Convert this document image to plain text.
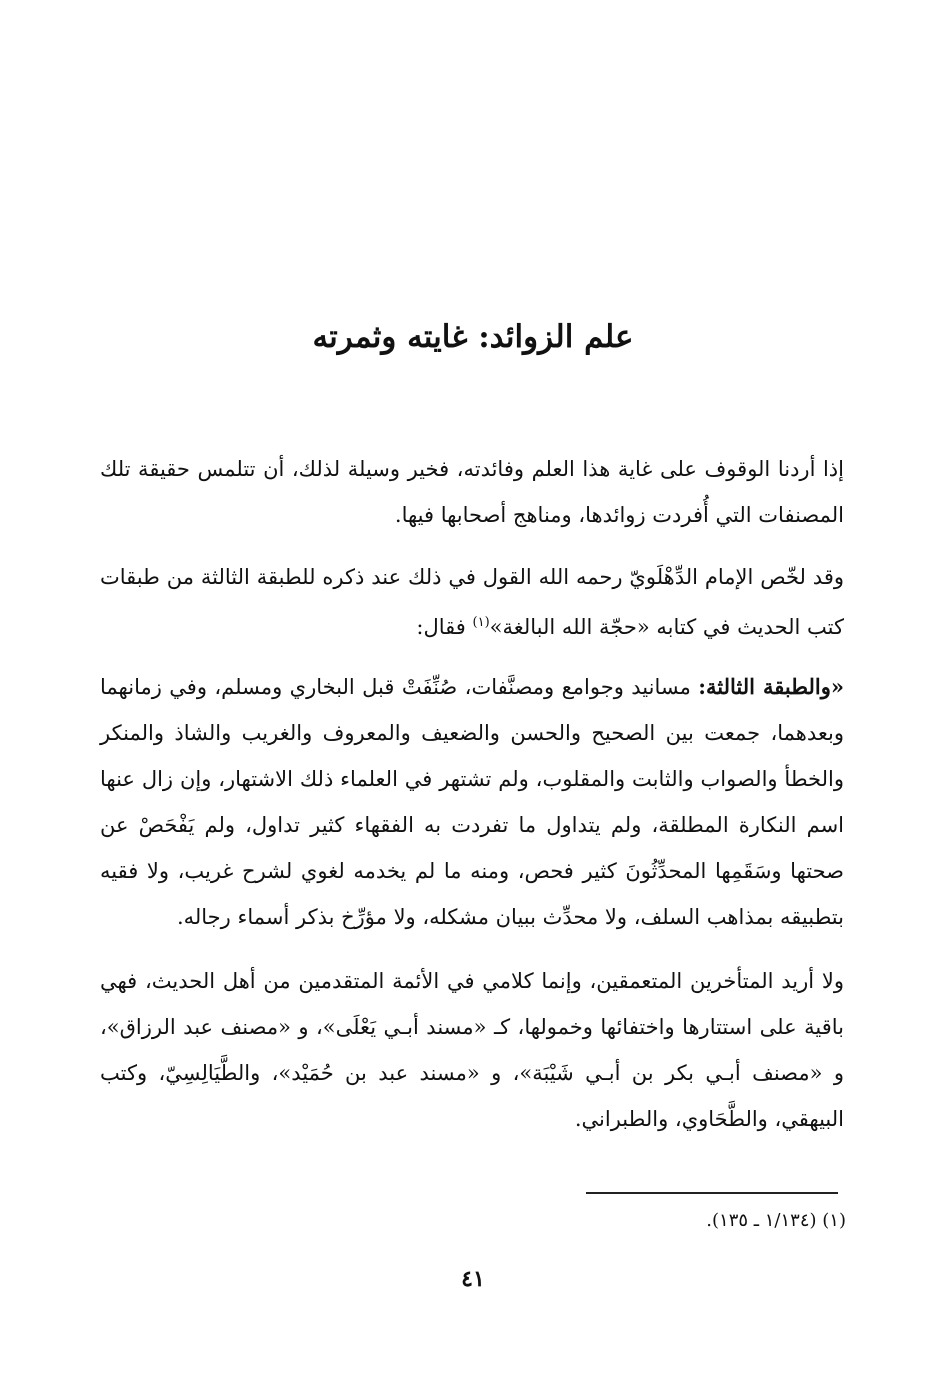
علم الزوائد: غايته وثمرته

إذا أردنا الوقوف على غاية هذا العلم وفائدته، فخير وسيلة لذلك، أن تتلمس حقيقة تلك المصنفات التي أُفردت زوائدها، ومناهج أصحابها فيها.

وقد لخّص الإمام الدِّهْلَويّ رحمه الله القول في ذلك عند ذكره للطبقة الثالثة من طبقات كتب الحديث في كتابه «حجّة الله البالغة»$^{(١)}$ فقال:

«والطبقة الثالثة: مسانيد وجوامع ومصنَّفات، صُنِّفَتْ قبل البخاري ومسلم، وفي زمانهما وبعدهما، جمعت بين الصحيح والحسن والضعيف والمعروف والغريب والشاذ والمنكر والخطأ والصواب والثابت والمقلوب، ولم تشتهر في العلماء ذلك الاشتهار، وإن زال عنها اسم النكارة المطلقة، ولم يتداول ما تفردت به الفقهاء كثير تداول، ولم يَفْحَصْ عن صحتها وسَقَمِها المحدِّثُونَ كثير فحص، ومنه ما لم يخدمه لغوي لشرح غريب، ولا فقيه بتطبيقه بمذاهب السلف، ولا محدِّث ببيان مشكله، ولا مؤرِّخ بذكر أسماء رجاله.

ولا أريد المتأخرين المتعمقين، وإنما كلامي في الأئمة المتقدمين من أهل الحديث، فهي باقية على استتارها واختفائها وخمولها، كـ «مسند أبـي يَعْلَى»، و «مصنف عبد الرزاق»، و «مصنف أبـي بكر بن أبـي شَيْبَة»، و «مسند عبد بن حُمَيْد»، والطَّيَالِسِيّ، وكتب البيهقي، والطَّحَاوي، والطبراني.

(١) (١/١٣٤ ـ ١٣٥).

٤١
